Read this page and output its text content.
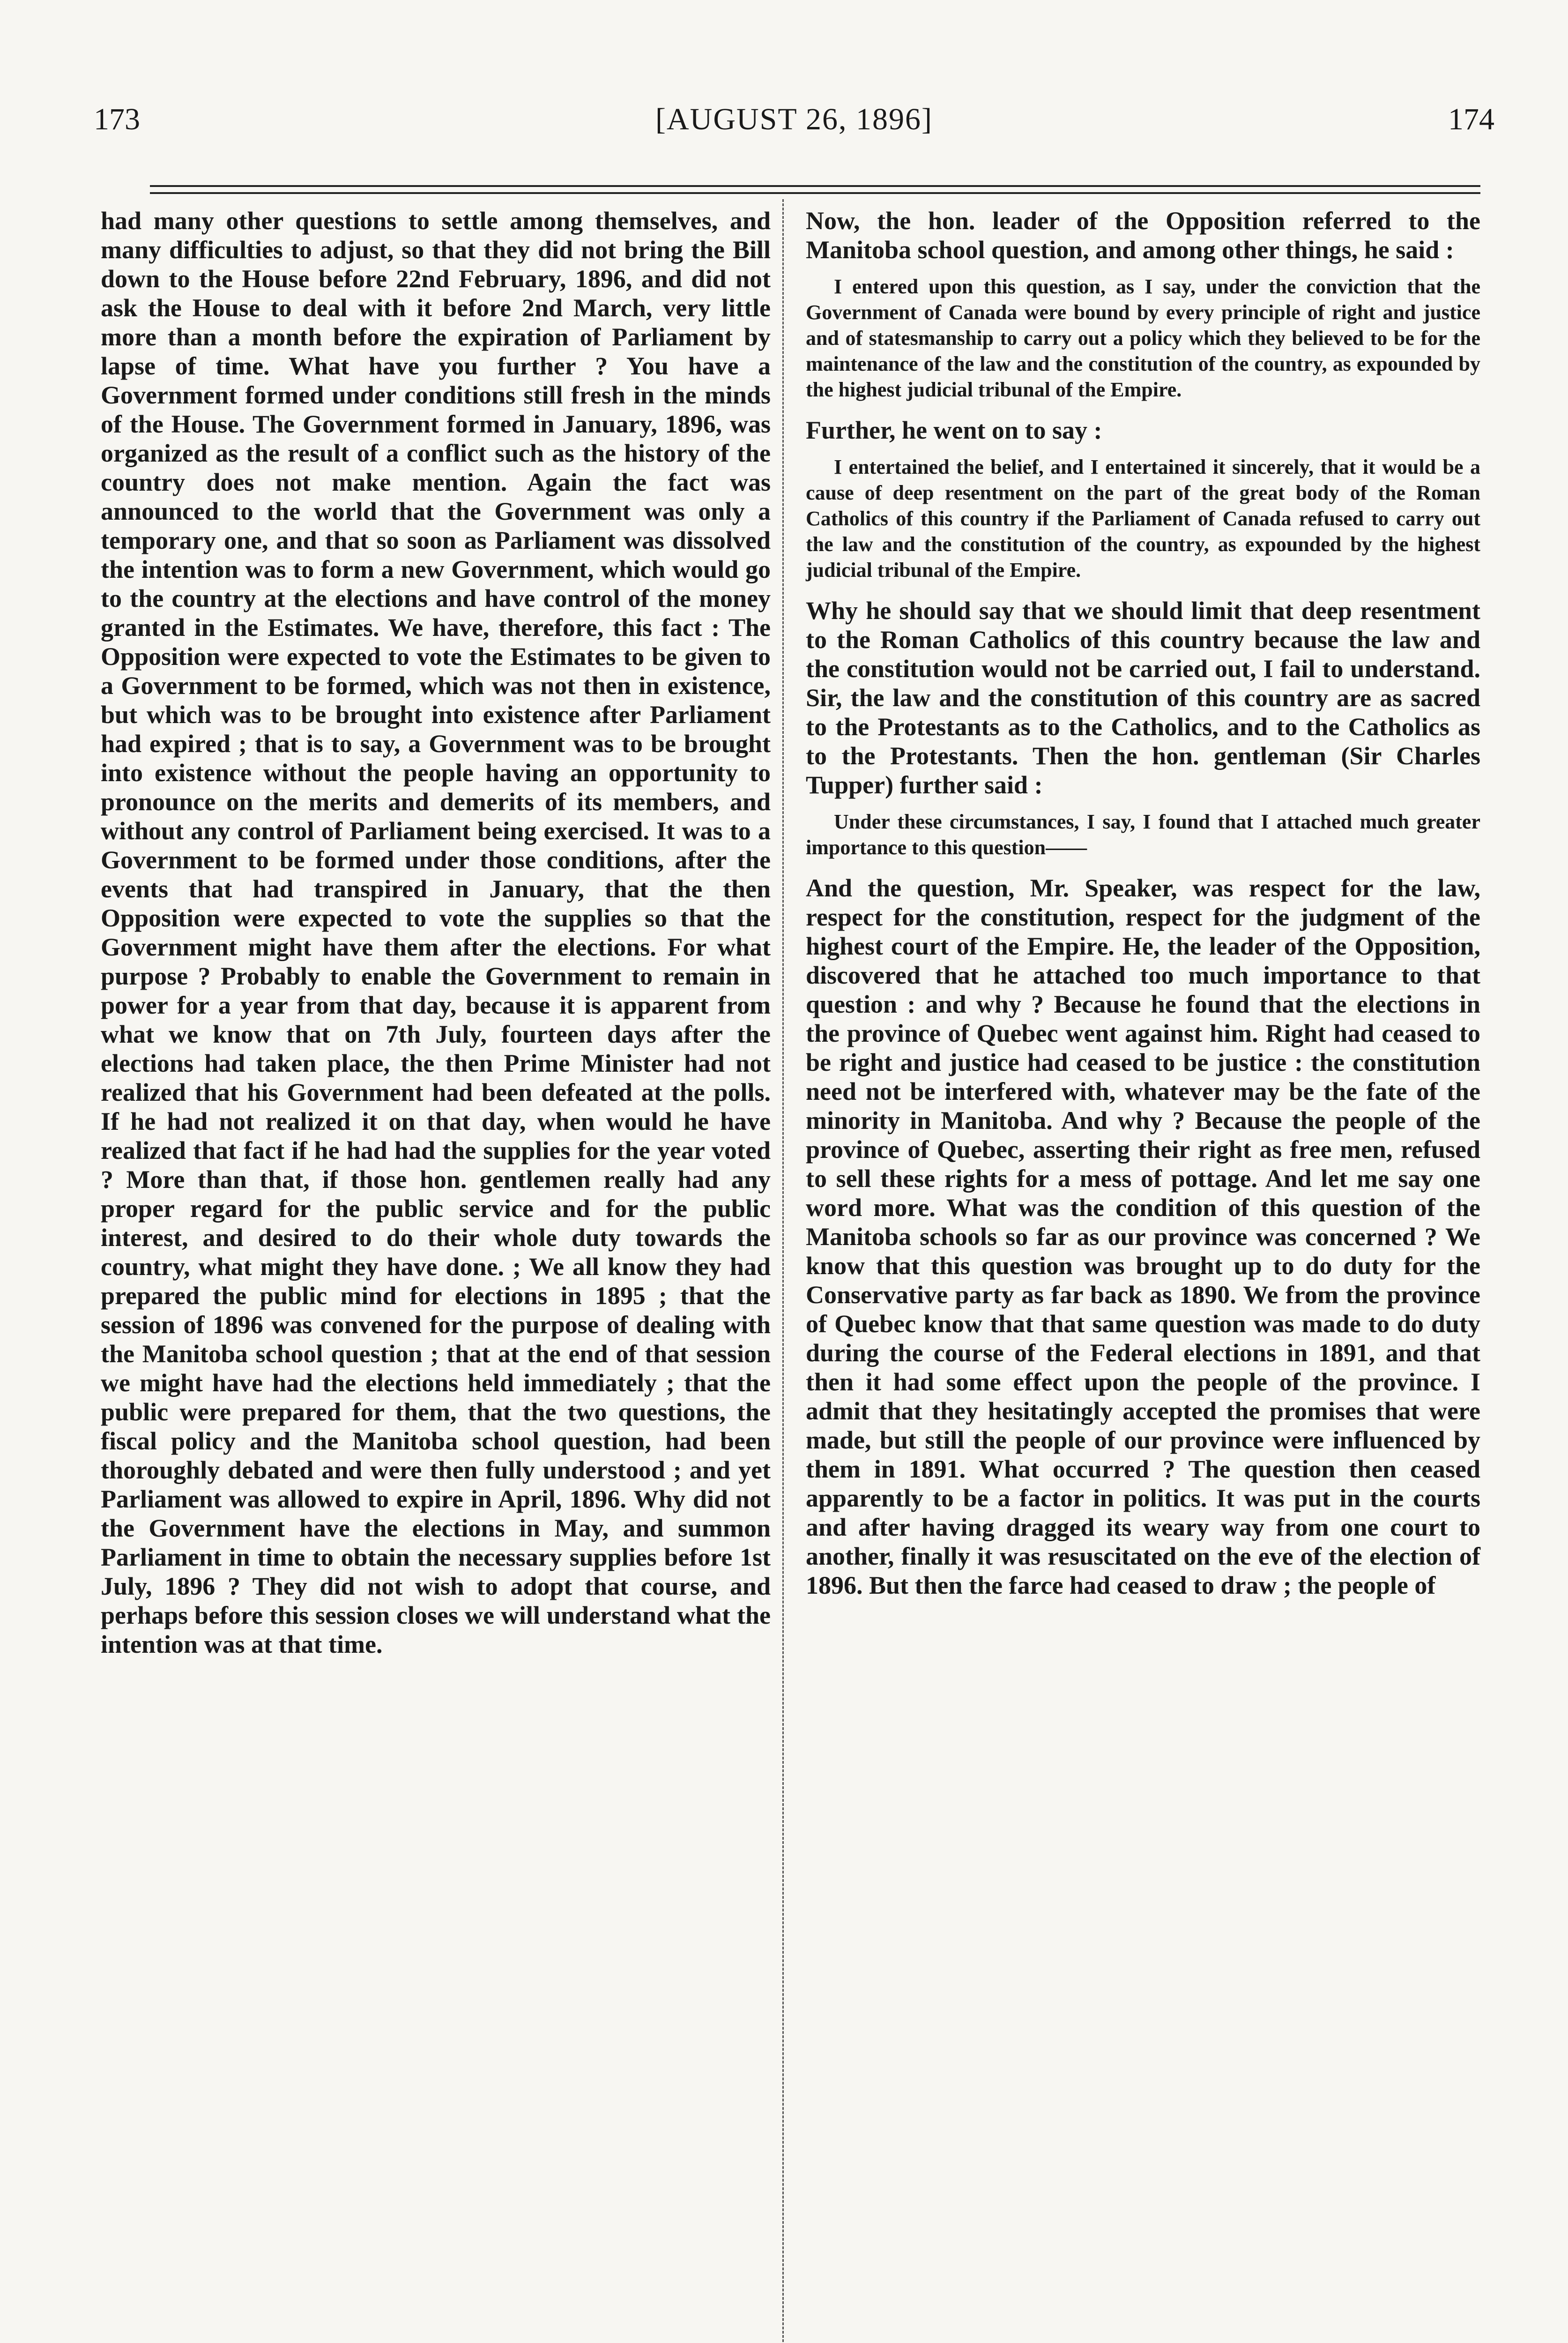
173	[AUGUST 26, 1896]	174

had many other questions to settle among themselves, and many difficulties to adjust, so that they did not bring the Bill down to the House before 22nd February, 1896, and did not ask the House to deal with it before 2nd March, very little more than a month before the expiration of Parliament by lapse of time. What have you further ? You have a Government formed under conditions still fresh in the minds of the House. The Government formed in January, 1896, was organized as the result of a conflict such as the history of the country does not make mention. Again the fact was announced to the world that the Government was only a temporary one, and that so soon as Parliament was dissolved the intention was to form a new Government, which would go to the country at the elections and have control of the money granted in the Estimates. We have, therefore, this fact : The Opposition were expected to vote the Estimates to be given to a Government to be formed, which was not then in existence, but which was to be brought into existence after Parliament had expired ; that is to say, a Government was to be brought into existence without the people having an opportunity to pronounce on the merits and demerits of its members, and without any control of Parliament being exercised. It was to a Government to be formed under those conditions, after the events that had transpired in January, that the then Opposition were expected to vote the supplies so that the Government might have them after the elections. For what purpose ? Probably to enable the Government to remain in power for a year from that day, because it is apparent from what we know that on 7th July, fourteen days after the elections had taken place, the then Prime Minister had not realized that his Government had been defeated at the polls. If he had not realized it on that day, when would he have realized that fact if he had had the supplies for the year voted ? More than that, if those hon. gentlemen really had any proper regard for the public service and for the public interest, and desired to do their whole duty towards the country, what might they have done. ; We all know they had prepared the public mind for elections in 1895 ; that the session of 1896 was convened for the purpose of dealing with the Manitoba school question ; that at the end of that session we might have had the elections held immediately ; that the public were prepared for them, that the two questions, the fiscal policy and the Manitoba school question, had been thoroughly debated and were then fully understood ; and yet Parliament was allowed to expire in April, 1896. Why did not the Government have the elections in May, and summon Parliament in time to obtain the necessary supplies before 1st July, 1896 ? They did not wish to adopt that course, and perhaps before this session closes we will understand what the intention was at that time.

Now, the hon. leader of the Opposition referred to the Manitoba school question, and among other things, he said :

I entered upon this question, as I say, under the conviction that the Government of Canada were bound by every principle of right and justice and of statesmanship to carry out a policy which they believed to be for the maintenance of the law and the constitution of the country, as expounded by the highest judicial tribunal of the Empire.

Further, he went on to say :

I entertained the belief, and I entertained it sincerely, that it would be a cause of deep resentment on the part of the great body of the Roman Catholics of this country if the Parliament of Canada refused to carry out the law and the constitution of the country, as expounded by the highest judicial tribunal of the Empire.

Why he should say that we should limit that deep resentment to the Roman Catholics of this country because the law and the constitution would not be carried out, I fail to understand. Sir, the law and the constitution of this country are as sacred to the Protestants as to the Catholics, and to the Catholics as to the Protestants. Then the hon. gentleman (Sir Charles Tupper) further said :

Under these circumstances, I say, I found that I attached much greater importance to this question——

And the question, Mr. Speaker, was respect for the law, respect for the constitution, respect for the judgment of the highest court of the Empire. He, the leader of the Opposition, discovered that he attached too much importance to that question : and why ? Because he found that the elections in the province of Quebec went against him. Right had ceased to be right and justice had ceased to be justice : the constitution need not be interfered with, whatever may be the fate of the minority in Manitoba. And why ? Because the people of the province of Quebec, asserting their right as free men, refused to sell these rights for a mess of pottage. And let me say one word more. What was the condition of this question of the Manitoba schools so far as our province was concerned ? We know that this question was brought up to do duty for the Conservative party as far back as 1890. We from the province of Quebec know that that same question was made to do duty during the course of the Federal elections in 1891, and that then it had some effect upon the people of the province. I admit that they hesitatingly accepted the promises that were made, but still the people of our province were influenced by them in 1891. What occurred ? The question then ceased apparently to be a factor in politics. It was put in the courts and after having dragged its weary way from one court to another, finally it was resuscitated on the eve of the election of 1896. But then the farce had ceased to draw ; the people of
